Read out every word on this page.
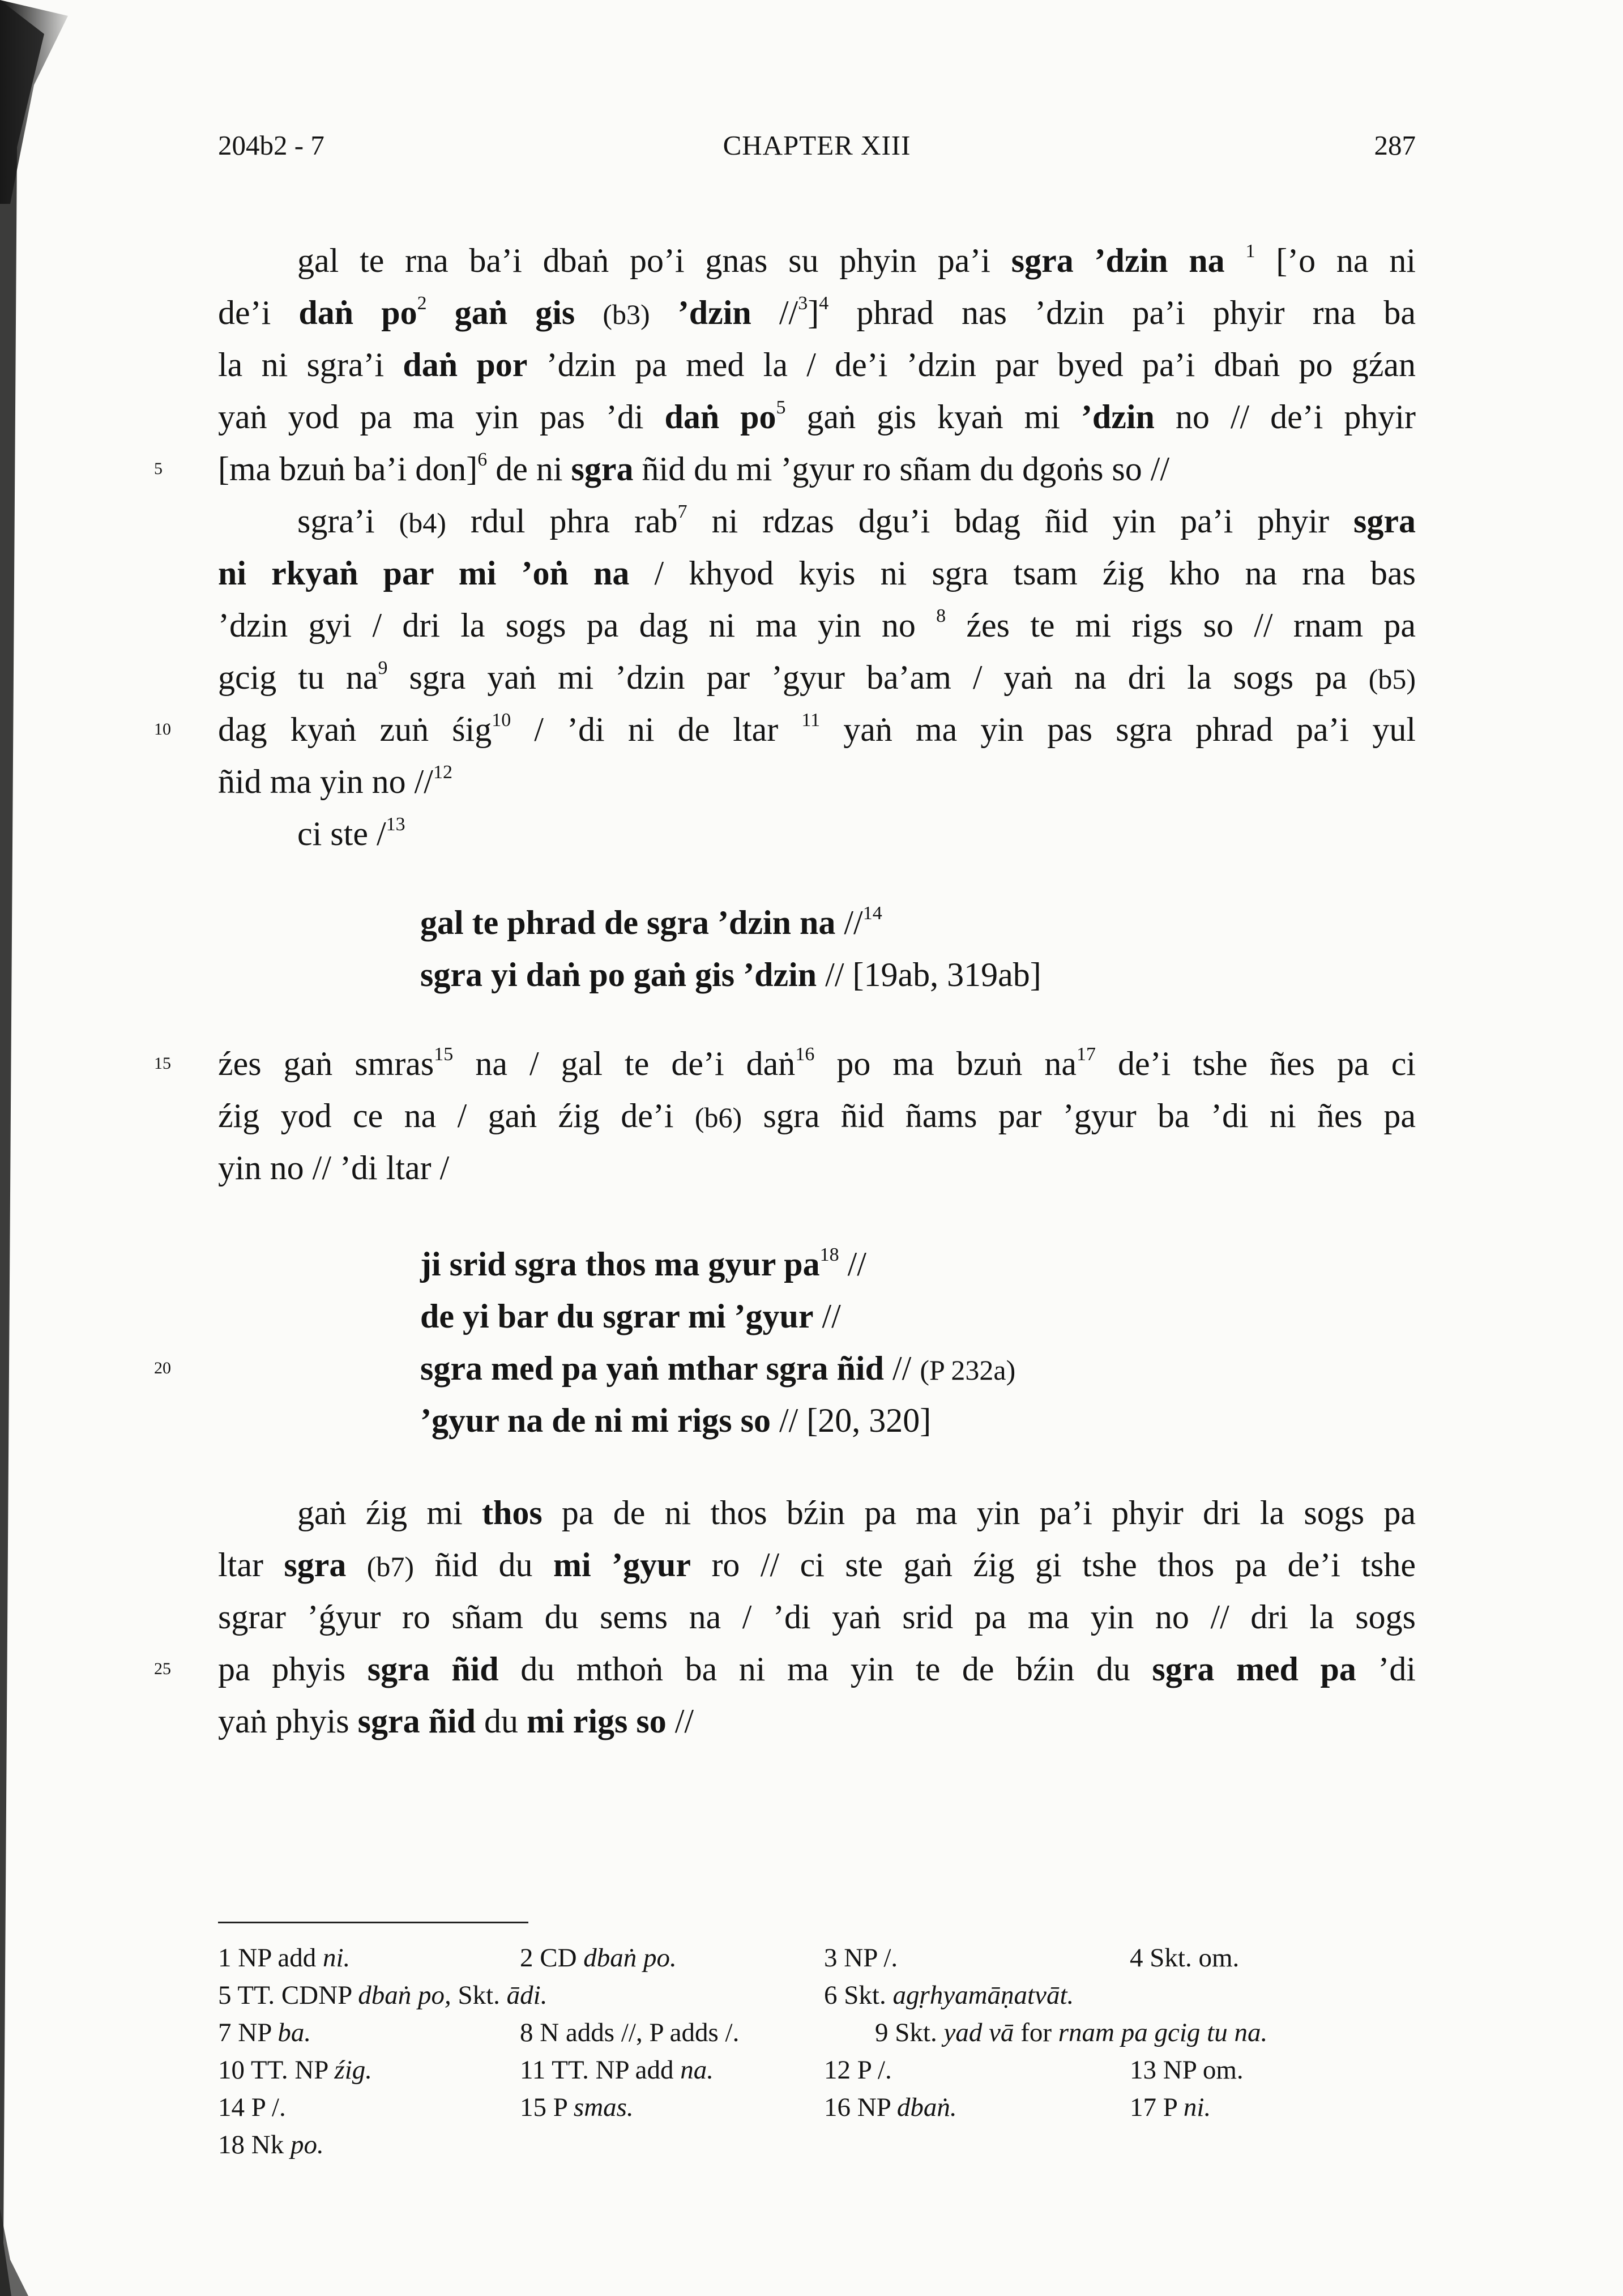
204b2 - 7	CHAPTER XIII	287
gal te rna ba’i dbaṅ po’i gnas su phyin pa’i sgra ’dzin na $^1$ [’o na ni
de’i daṅ $po^2$ gaṅ gis (b3) ’dzin //$^3$]$^4$ phrad nas ’dzin pa’i phyir rna ba
la ni sgra’i daṅ por ’dzin pa med la / de’i ’dzin par byed pa’i dbaṅ po gźan
yaṅ yod pa ma yin pas ’di daṅ $po^5$ gaṅ gis kyaṅ mi ’dzin no // de’i phyir
[ma bzuṅ ba’i don]$^6$ de ni sgra ñid du mi ’gyur ro sñam du dgoṅs so //
sgra’i (b4) rdul phra rab$^7$ ni rdzas dgu’i bdag ñid yin pa’i phyir sgra
ni rkyaṅ par mi ’oṅ na / khyod kyis ni sgra tsam źig kho na rna bas
’dzin gyi / dri la sogs pa dag ni ma yin no $^8$ źes te mi rigs so // rnam pa
gcig tu $na^9$ sgra yaṅ mi ’dzin par ’gyur ba’am / yaṅ na dri la sogs pa (b5)
dag kyaṅ zuṅ śig$^{10}$ / ’di ni de ltar $^{11}$ yaṅ ma yin pas sgra phrad pa’i yul
ñid ma yin no //$^{12}$
ci ste /$^{13}$
gal te phrad de sgra ’dzin na //$^{14}$
sgra yi daṅ po gaṅ gis ’dzin // [19ab, 319ab]
źes gaṅ smras$^{15}$ na / gal te de’i daṅ$^{16}$ po ma bzuṅ $na^{17}$ de’i tshe ñes pa ci
źig yod ce na / gaṅ źig de’i (b6) sgra ñid ñams par ’gyur ba ’di ni ñes pa
yin no // ’di ltar /
ji srid sgra thos ma gyur $pa^{18}$ //
de yi bar du sgrar mi ’gyur //
sgra med pa yaṅ mthar sgra ñid // (P 232a)
’gyur na de ni mi rigs so // [20, 320]
gaṅ źig mi thos pa de ni thos bźin pa ma yin pa’i phyir dri la sogs pa
ltar sgra (b7) ñid du mi ’gyur ro // ci ste gaṅ źig gi tshe thos pa de’i tshe
sgrar ’ǵyur ro sñam du sems na / ’di yaṅ srid pa ma yin no // dri la sogs
pa phyis sgra ñid du mthoṅ ba ni ma yin te de bźin du sgra med pa ’di
yaṅ phyis sgra ñid du mi rigs so //
5
10
15
20
25
1 NP add ni.	2 CD dbaṅ po.	3 NP /.	4 Skt. om.
5 TT. CDNP dbaṅ po, Skt. ādi.	6 Skt. agṛhyamāṇatvāt.
7 NP ba.	8 N adds //, P adds /.	9 Skt. yad vā for rnam pa gcig tu na.
10 TT. NP źig.	11 TT. NP add na.	12 P /.	13 NP om.
14 P /.	15 P smas.	16 NP dbaṅ.	17 P ni.
18 Nk po.
